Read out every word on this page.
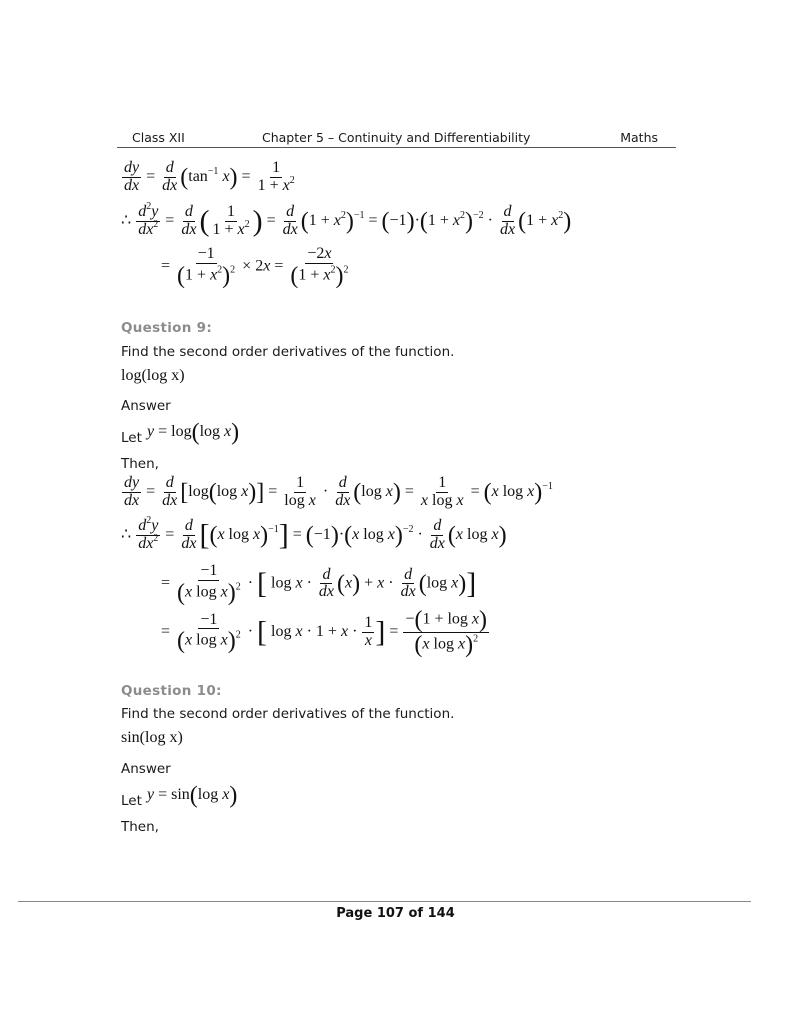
Class XII	Chapter 5 – Continuity and Differentiability	Maths
$\frac{dy}{dx} = \frac{d}{dx} (\tan^{-1}$ $x) = \frac{1}{1 + x^2}$
∴ $\frac{d^2y}{dx^2} = \frac{d}{dx}$ ( $\frac{1}{1 + x^2}$ ) = $\frac{d}{dx} (1 + x^2)^{-1} = (-1)\cdot(1 + x^2)^{-2} \cdot \frac{d}{dx} (1 + x^2)$
= $\frac{-1}{(1 + x^2)^2} \times 2x = \frac{-2x}{(1 + x^2)^2}$
Question 9:
Find the second order derivatives of the function.
log(log x)
Answer
$_{Let}$ y = log(log x)
Then,
$\frac{dy}{dx} = \frac{d}{dx} [\log(\log$ $x)] = \frac{1}{\text{log x}} \cdot \frac{d}{dx} (\log$ $x) = \frac{1}{\text{x log x}} = (x$ log x)$^{-1}$
∴ $\frac{d^2y}{dx^2} = \frac{d}{dx} [(x$ log x)$^{-1}$] = (−1)·(x $\log x)^{-2} \cdot \frac{d}{dx} (x$ log x)
= $\frac{-1}{(x \log x)^2}$ · [ $\log x \cdot \frac{d}{dx} (x) + x \cdot \frac{d}{dx} (\log$ x)]
= $\frac{-1}{(x \log x)^2}$ · [ $\log x \cdot 1 + x \cdot \frac{1}{x}$ ] = $\frac{\text{−(1 + log x)}}{(x \log x)^2}$
Question 10:
Find the second order derivatives of the function.
sin(log x)
Answer
$_{Let}$ y = sin(log x)
Then,
Page 107 of 144
